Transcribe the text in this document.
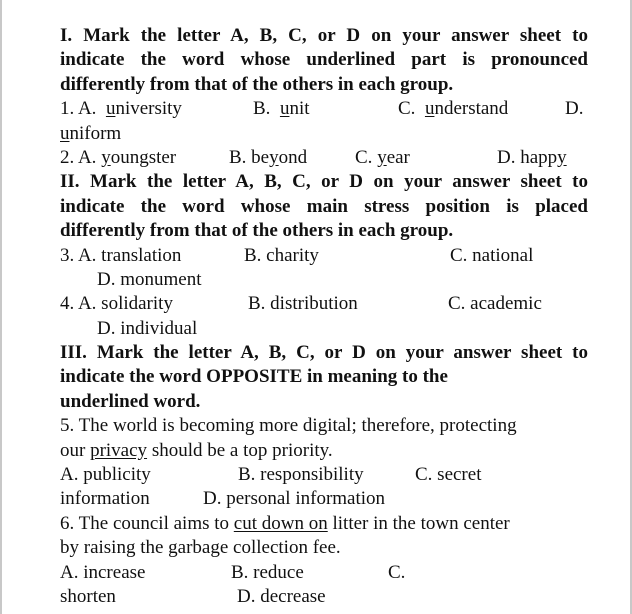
I. Mark the letter A, B, C, or D on your answer sheet to
indicate the word whose underlined part is pronounced
differently from that of the others in each group.
1. A. university	B. unit	C. understand	D.
uniform
2. A. youngster	B. beyond	C. year	D. happy
II. Mark the letter A, B, C, or D on your answer sheet to
indicate the word whose main stress position is placed
differently from that of the others in each group.
3. A. translation	B. charity	C. national
D. monument
4. A. solidarity	B. distribution	C. academic
D. individual
III. Mark the letter A, B, C, or D on your answer sheet to
indicate the word OPPOSITE in meaning to the
underlined word.
5. The world is becoming more digital; therefore, protecting
our privacy should be a top priority.
A. publicity	B. responsibility	C. secret
information	D. personal information
6. The council aims to cut down on litter in the town center
by raising the garbage collection fee.
A. increase	B. reduce	C.
shorten	D. decrease
